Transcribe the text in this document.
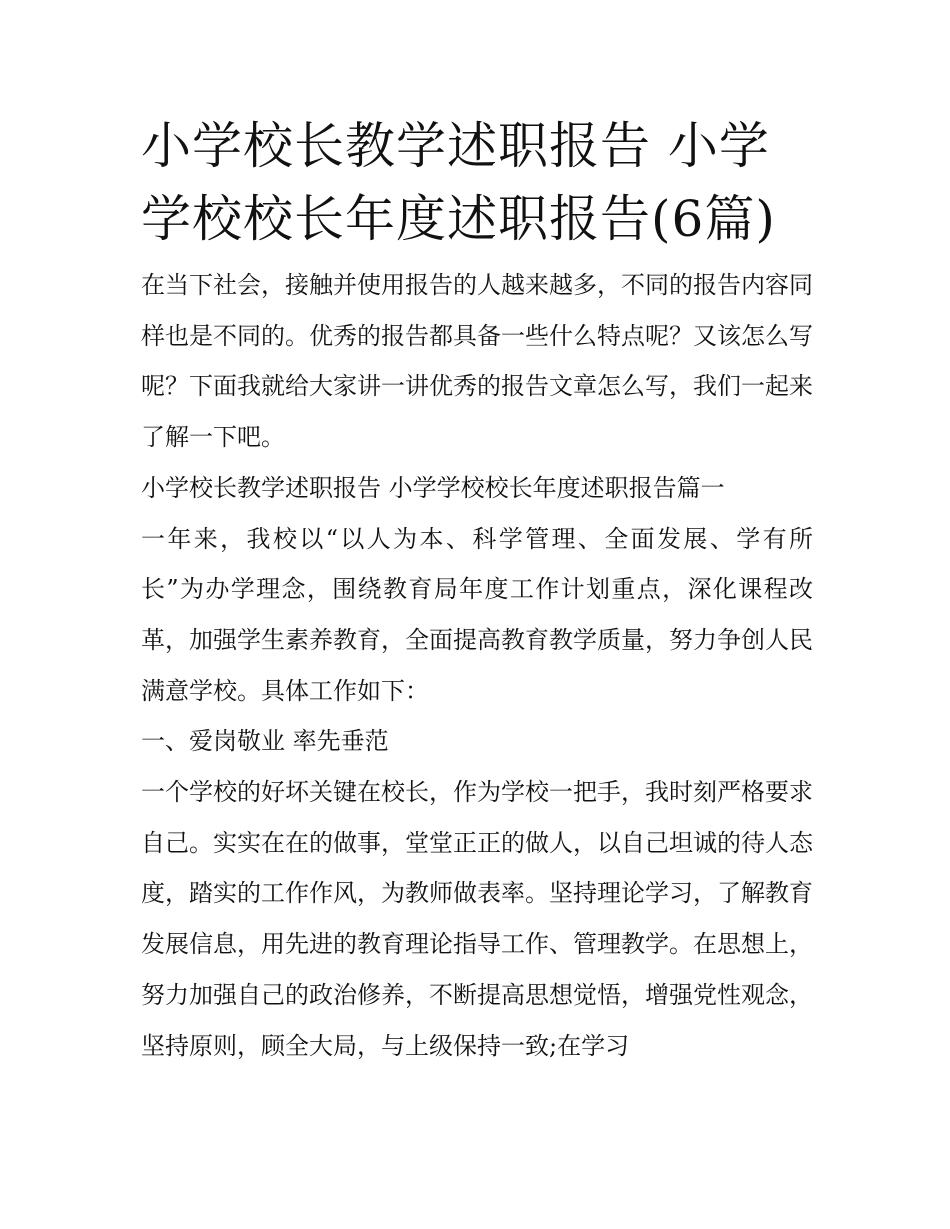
小学校长教学述职报告 小学学校校长年度述职报告(6篇)

在当下社会，接触并使用报告的人越来越多，不同的报告内容同样也是不同的。优秀的报告都具备一些什么特点呢？又该怎么写呢？下面我就给大家讲一讲优秀的报告文章怎么写，我们一起来了解一下吧。

小学校长教学述职报告 小学学校校长年度述职报告篇一

一年来，我校以“以人为本、科学管理、全面发展、学有所长”为办学理念，围绕教育局年度工作计划重点，深化课程改革，加强学生素养教育，全面提高教育教学质量，努力争创人民满意学校。具体工作如下：

一、爱岗敬业 率先垂范

一个学校的好坏关键在校长，作为学校一把手，我时刻严格要求自己。实实在在的做事，堂堂正正的做人，以自己坦诚的待人态度，踏实的工作作风，为教师做表率。坚持理论学习，了解教育发展信息，用先进的教育理论指导工作、管理教学。在思想上，努力加强自己的政治修养，不断提高思想觉悟，增强党性观念，坚持原则，顾全大局，与上级保持一致;在学习
